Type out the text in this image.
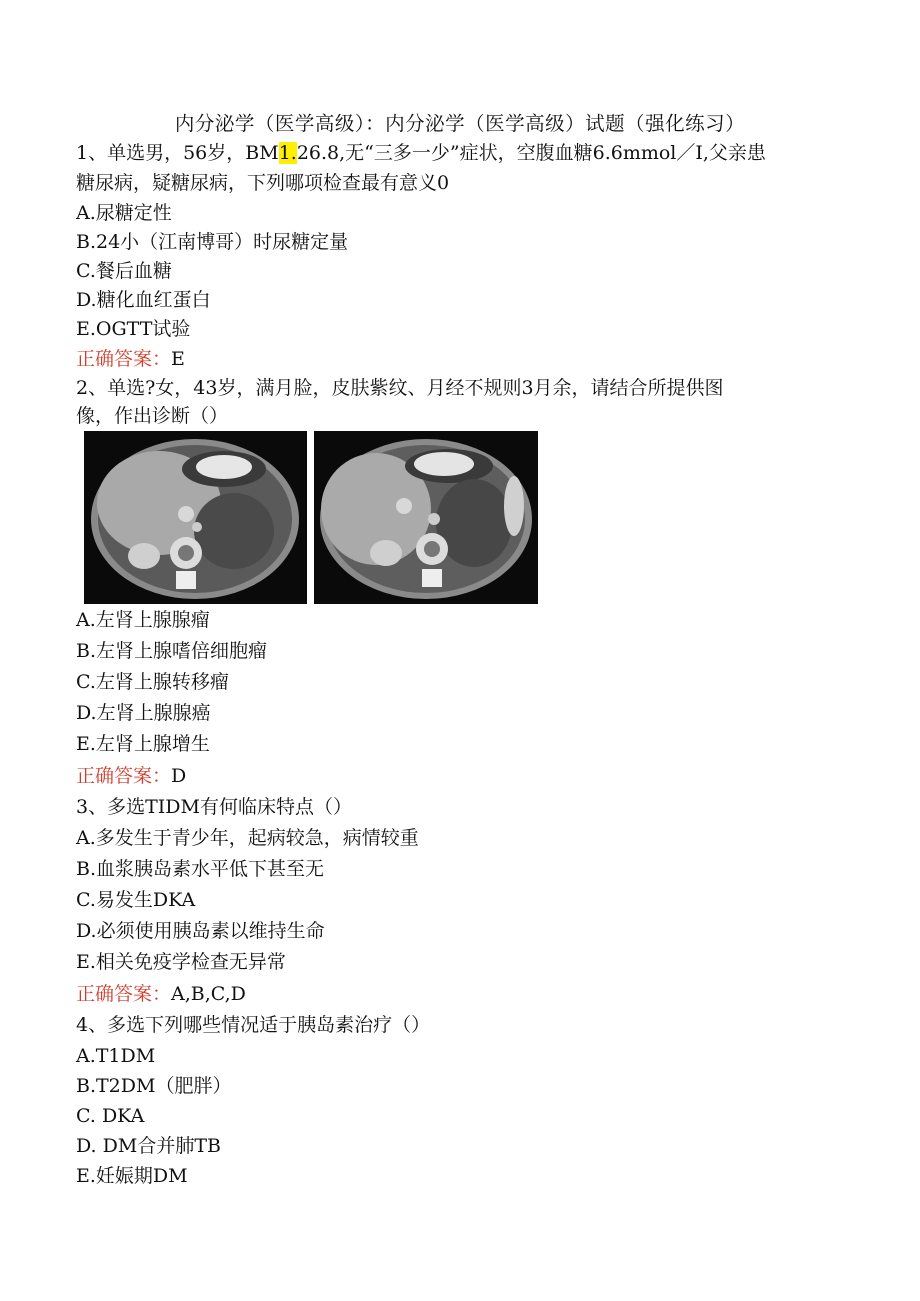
内分泌学（医学高级）：内分泌学（医学高级）试题（强化练习）
1、单选男，56岁，BM1.26.8,无“三多一少”症状，空腹血糖6.6mmol／I,父亲患
糖尿病，疑糖尿病，下列哪项检查最有意义0
A.尿糖定性
B.24小（江南博哥）时尿糖定量
C.餐后血糖
D.糖化血红蛋白
E.OGTT试验
正确答案：E
2、单选?女，43岁，满月脸，皮肤紫纹、月经不规则3月余，请结合所提供图
像，作出诊断（）
A.左肾上腺腺瘤
B.左肾上腺嗜倍细胞瘤
C.左肾上腺转移瘤
D.左肾上腺腺癌
E.左肾上腺增生
正确答案：D
3、多选TIDM有何临床特点（）
A.多发生于青少年，起病较急，病情较重
B.血浆胰岛素水平低下甚至无
C.易发生DKA
D.必须使用胰岛素以维持生命
E.相关免疫学检查无异常
正确答案：A,B,C,D
4、多选下列哪些情况适于胰岛素治疗（）
A.T1DM
B.T2DM（肥胖）
C. DKA
D. DM合并肺TB
E.妊娠期DM
